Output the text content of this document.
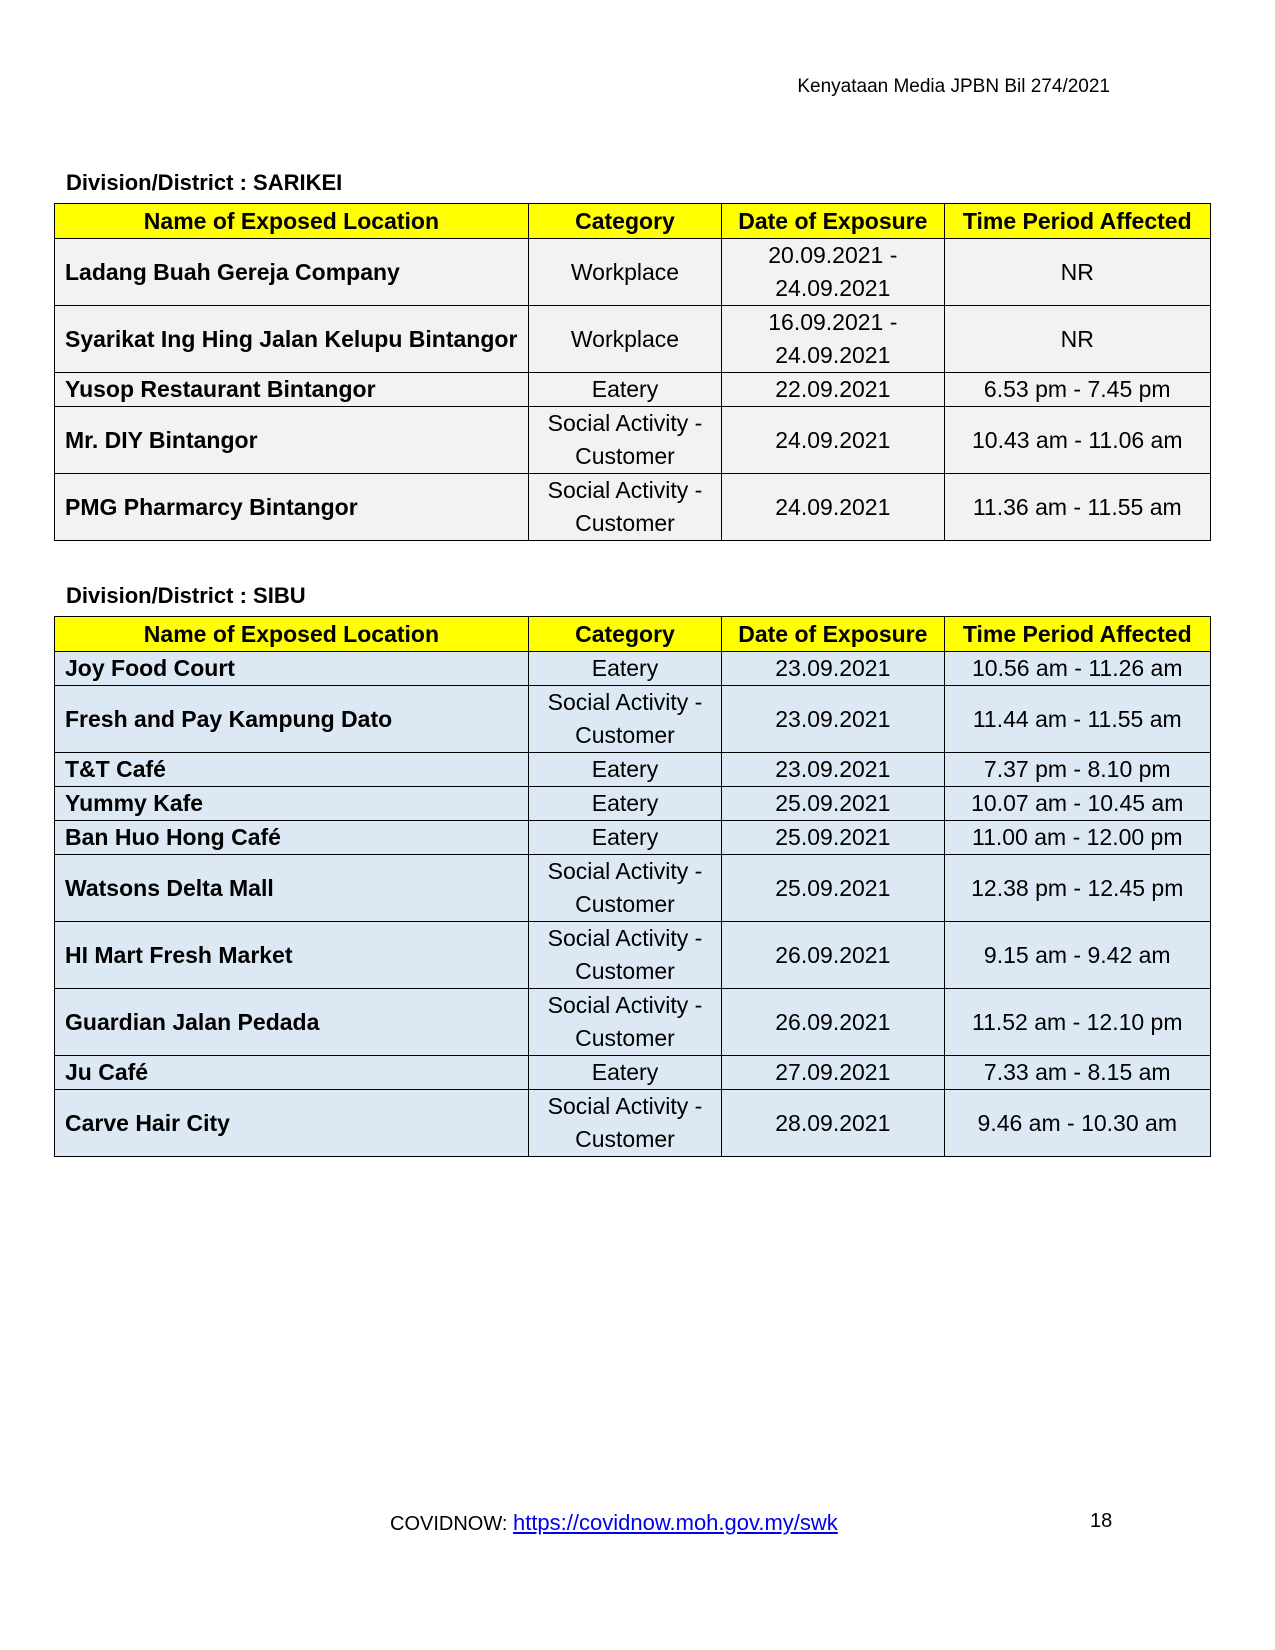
Kenyataan Media JPBN Bil 274/2021
Division/District : SARIKEI
Name of Exposed Location	Category	Date of Exposure	Time Period Affected
Ladang Buah Gereja Company	Workplace	20.09.2021 - 24.09.2021	NR
Syarikat Ing Hing Jalan Kelupu Bintangor	Workplace	16.09.2021 - 24.09.2021	NR
Yusop Restaurant Bintangor	Eatery	22.09.2021	6.53 pm - 7.45 pm
Mr. DIY Bintangor	Social Activity - Customer	24.09.2021	10.43 am - 11.06 am
PMG Pharmarcy Bintangor	Social Activity - Customer	24.09.2021	11.36 am - 11.55 am
Division/District : SIBU
Name of Exposed Location	Category	Date of Exposure	Time Period Affected
Joy Food Court	Eatery	23.09.2021	10.56 am - 11.26 am
Fresh and Pay Kampung Dato	Social Activity - Customer	23.09.2021	11.44 am - 11.55 am
T&T Café	Eatery	23.09.2021	7.37 pm - 8.10 pm
Yummy Kafe	Eatery	25.09.2021	10.07 am - 10.45 am
Ban Huo Hong Café	Eatery	25.09.2021	11.00 am - 12.00 pm
Watsons Delta Mall	Social Activity - Customer	25.09.2021	12.38 pm - 12.45 pm
HI Mart Fresh Market	Social Activity - Customer	26.09.2021	9.15 am - 9.42 am
Guardian Jalan Pedada	Social Activity - Customer	26.09.2021	11.52 am - 12.10 pm
Ju Café	Eatery	27.09.2021	7.33 am - 8.15 am
Carve Hair City	Social Activity - Customer	28.09.2021	9.46 am - 10.30 am
COVIDNOW: https://covidnow.moh.gov.my/swk	18
